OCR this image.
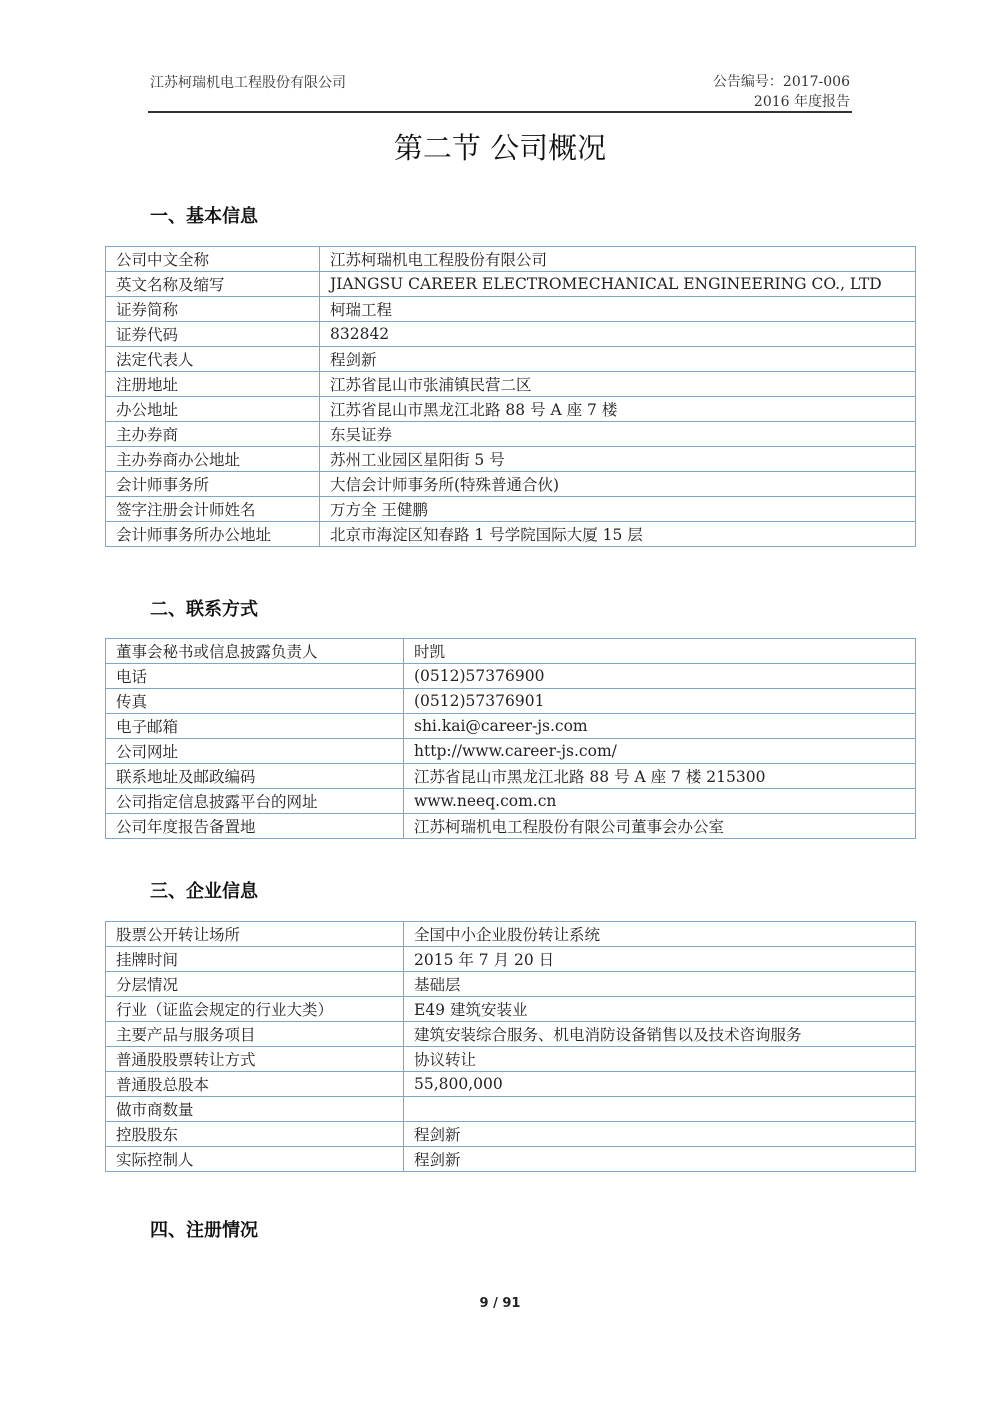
江苏柯瑞机电工程股份有限公司	公告编号：2017-006
2016 年度报告
第二节 公司概况
一、基本信息
公司中文全称	江苏柯瑞机电工程股份有限公司
英文名称及缩写	JIANGSU CAREER ELECTROMECHANICAL ENGINEERING CO., LTD
证券简称	柯瑞工程
证券代码	832842
法定代表人	程剑新
注册地址	江苏省昆山市张浦镇民营二区
办公地址	江苏省昆山市黑龙江北路 88 号 A 座 7 楼
主办券商	东吴证券
主办券商办公地址	苏州工业园区星阳街 5 号
会计师事务所	大信会计师事务所(特殊普通合伙)
签字注册会计师姓名	万方全 王健鹏
会计师事务所办公地址	北京市海淀区知春路 1 号学院国际大厦 15 层
二、联系方式
董事会秘书或信息披露负责人	时凯
电话	(0512)57376900
传真	(0512)57376901
电子邮箱	shi.kai@career-js.com
公司网址	http://www.career-js.com/
联系地址及邮政编码	江苏省昆山市黑龙江北路 88 号 A 座 7 楼 215300
公司指定信息披露平台的网址	www.neeq.com.cn
公司年度报告备置地	江苏柯瑞机电工程股份有限公司董事会办公室
三、企业信息
股票公开转让场所	全国中小企业股份转让系统
挂牌时间	2015 年 7 月 20 日
分层情况	基础层
行业（证监会规定的行业大类）	E49 建筑安装业
主要产品与服务项目	建筑安装综合服务、机电消防设备销售以及技术咨询服务
普通股股票转让方式	协议转让
普通股总股本	55,800,000
做市商数量	
控股股东	程剑新
实际控制人	程剑新
四、注册情况
9 / 91
